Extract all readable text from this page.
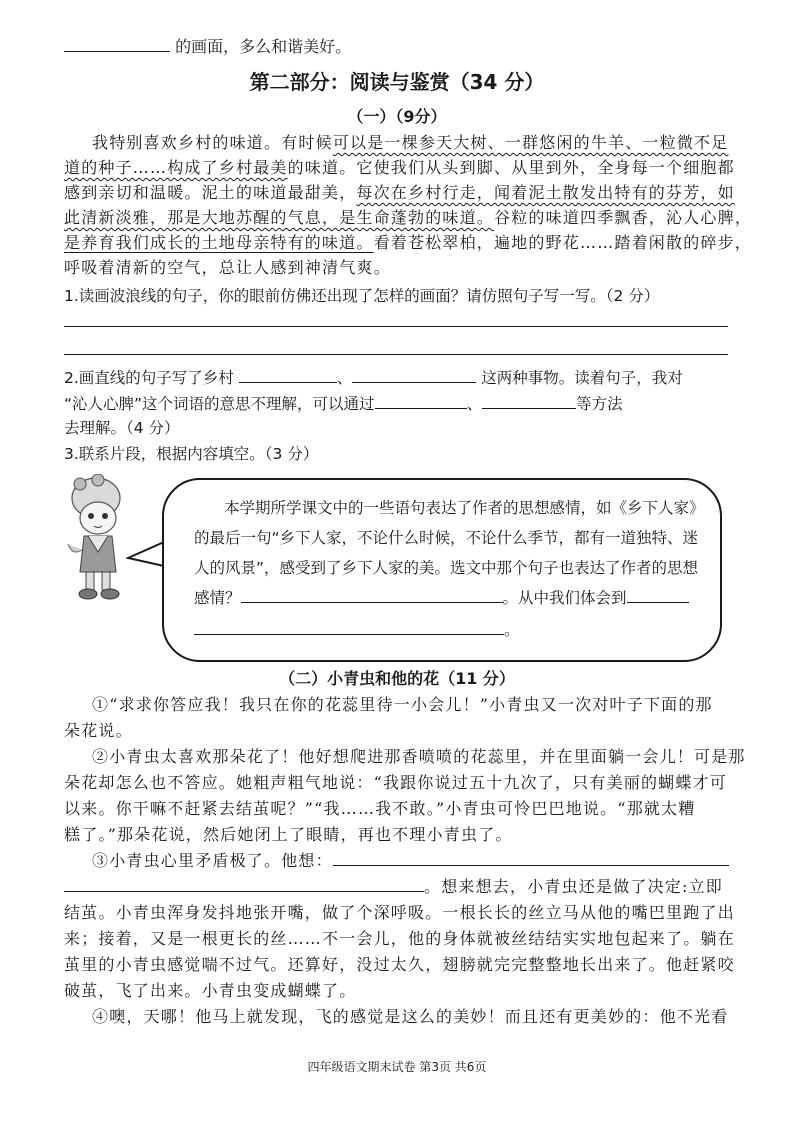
的画面，多么和谐美好。
第二部分：阅读与鉴赏（34 分）
（一）（9分）
我特别喜欢乡村的味道。有时候可以是一棵参天大树、一群悠闲的牛羊、一粒微不足
道的种子……构成了乡村最美的味道。它使我们从头到脚、从里到外，全身每一个细胞都
感到亲切和温暖。泥土的味道最甜美，每次在乡村行走，闻着泥土散发出特有的芬芳，如
此清新淡雅，那是大地苏醒的气息，是生命蓬勃的味道。谷粒的味道四季飘香，沁人心脾，
是养育我们成长的土地母亲特有的味道。看着苍松翠柏，遍地的野花……踏着闲散的碎步，
呼吸着清新的空气，总让人感到神清气爽。
1.读画波浪线的句子，你的眼前仿佛还出现了怎样的画面？请仿照句子写一写。（2 分）
2.画直线的句子写了乡村	、	这两种事物。读着句子，我对
“沁人心脾”这个词语的意思不理解，可以通过	、	等方法
去理解。（4 分）
3.联系片段，根据内容填空。（3 分）
本学期所学课文中的一些语句表达了作者的思想感情，如《乡下人家》
的最后一句“乡下人家，不论什么时候，不论什么季节，都有一道独特、迷
人的风景”，感受到了乡下人家的美。选文中那个句子也表达了作者的思想
感情？	。从中我们体会到
。
（二）小青虫和他的花（11 分）
①“求求你答应我！我只在你的花蕊里待一小会儿！”小青虫又一次对叶子下面的那
朵花说。
②小青虫太喜欢那朵花了！他好想爬进那香喷喷的花蕊里，并在里面躺一会儿！可是那
朵花却怎么也不答应。她粗声粗气地说：“我跟你说过五十九次了，只有美丽的蝴蝶才可
以来。你干嘛不赶紧去结茧呢？”“我……我不敢。”小青虫可怜巴巴地说。“那就太糟
糕了。”那朵花说，然后她闭上了眼睛，再也不理小青虫了。
③小青虫心里矛盾极了。他想：
。想来想去，小青虫还是做了决定:立即
结茧。小青虫浑身发抖地张开嘴，做了个深呼吸。一根长长的丝立马从他的嘴巴里跑了出
来；接着，又是一根更长的丝……不一会儿，他的身体就被丝结结实实地包起来了。躺在
茧里的小青虫感觉喘不过气。还算好，没过太久，翅膀就完完整整地长出来了。他赶紧咬
破茧，飞了出来。小青虫变成蝴蝶了。
④噢，天哪！他马上就发现，飞的感觉是这么的美妙！而且还有更美妙的：他不光看
四年级语文期末试卷 第3页 共6页
